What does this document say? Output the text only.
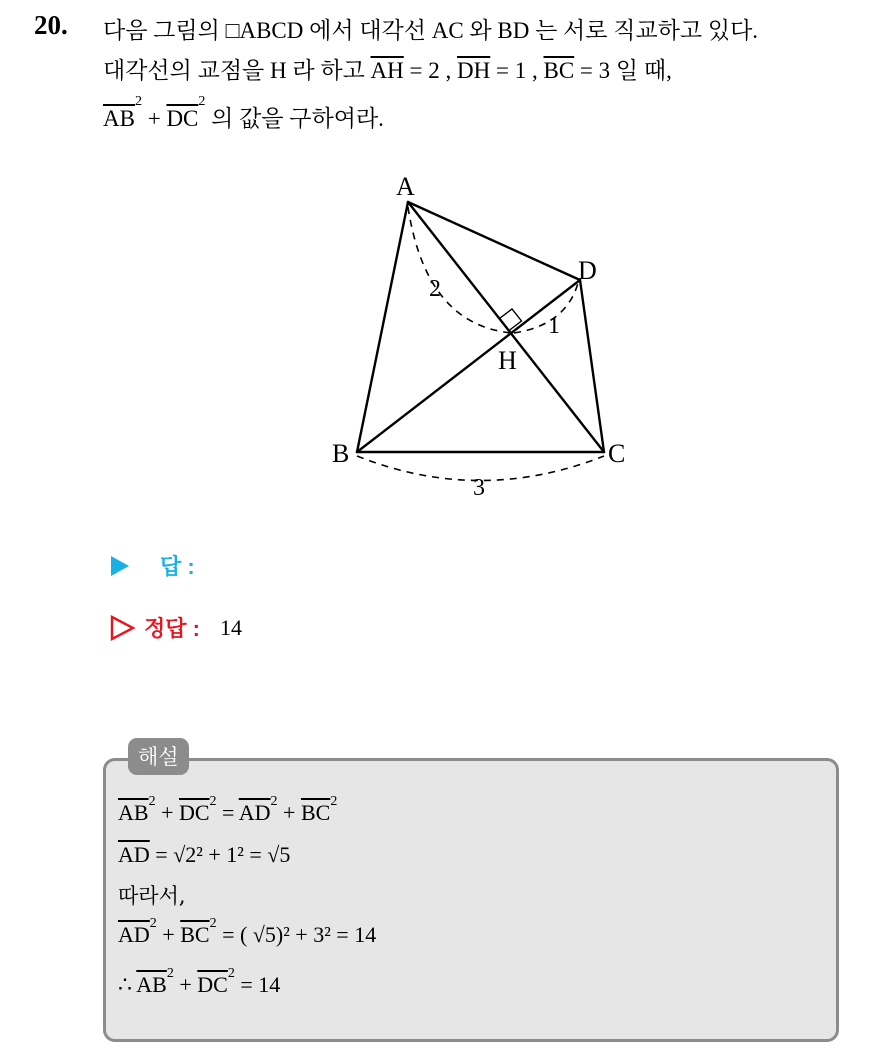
20. 다음 그림의 □ABCD 에서 대각선 AC 와 BD 는 서로 직교하고 있다.
대각선의 교점을 H 라 하고 $\overline{AH} = 2$ , $\overline{DH} = 1$ , $\overline{BC} = 3$ 일 때,
$\overline{AB}^2 + \overline{DC}^2$ 의 값을 구하여라.
A
B	C
D
H
2
1
3
답 :
정답 : 14
해설
$\overline{AB}^2 + \overline{DC}^2 = \overline{AD}^2 + \overline{BC}^2$
$\overline{AD} = √2^2 + 1^2 = √5$
따라서,
$\overline{AD}^2 + \overline{BC}^2$ = ( √5)² + 3² = 14
∴ $\overline{AB}^2 + \overline{DC}^2 = 14$
